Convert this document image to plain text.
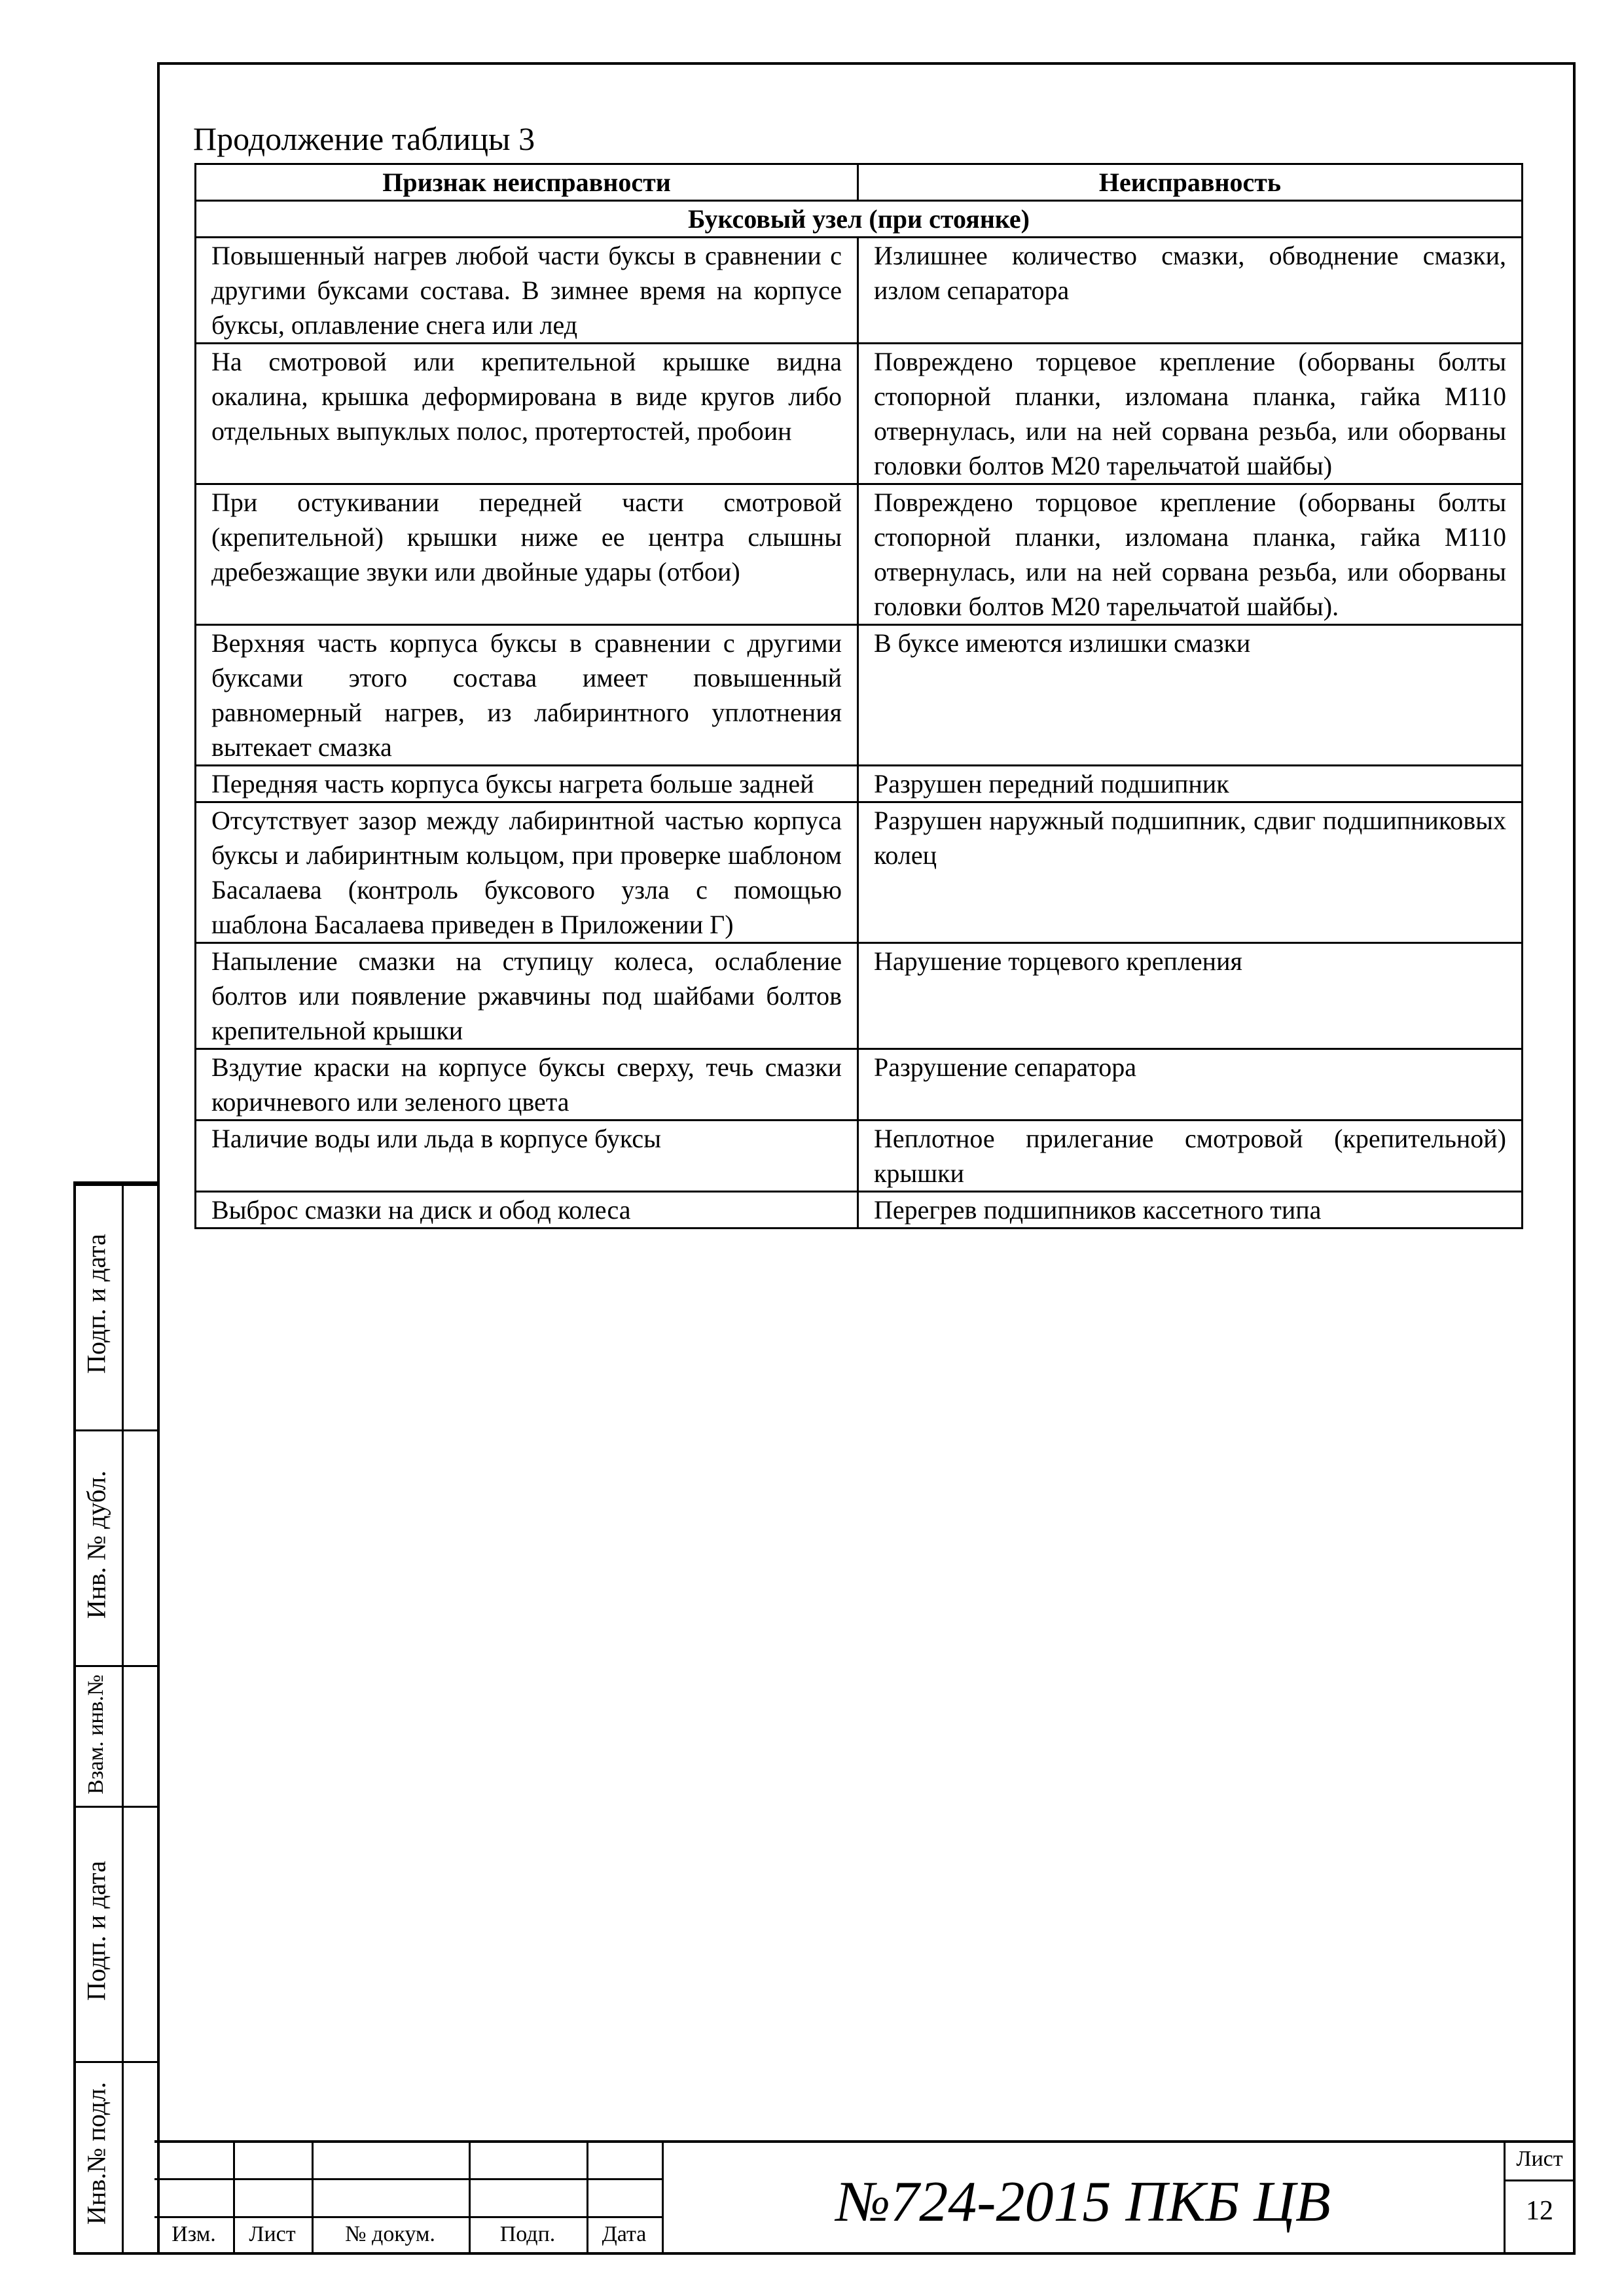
Продолжение таблицы 3
Признак неисправности	Неисправность
Буксовый узел (при стоянке)	
Повышенный нагрев любой части буксы в сравнении с другими буксами состава. В зимнее время на корпусе буксы, оплавление снега или лед	Излишнее количество смазки, обводнение смазки, излом сепаратора
На смотровой или крепительной крышке видна окалина, крышка деформирована в виде кругов либо отдельных выпуклых полос, протертостей, пробоин	Повреждено торцевое крепление (оборваны болты стопорной планки, изломана планка, гайка М110 отвернулась, или на ней сорвана резьба, или оборваны головки болтов М20 тарельчатой шайбы)
При остукивании передней части смотровой (крепительной) крышки ниже ее центра слышны дребезжащие звуки или двойные удары (отбои)	Повреждено торцовое крепление (оборваны болты стопорной планки, изломана планка, гайка М110 отвернулась, или на ней сорвана резьба, или оборваны головки болтов М20 тарельчатой шайбы).
Верхняя часть корпуса буксы в сравнении с другими буксами этого состава имеет повышенный равномерный нагрев, из лабиринтного уплотнения вытекает смазка	В буксе имеются излишки смазки
Передняя часть корпуса буксы нагрета больше задней	Разрушен передний подшипник
Отсутствует зазор между лабиринтной частью корпуса буксы и лабиринтным кольцом, при проверке шаблоном Басалаева (контроль буксового узла с помощью шаблона Басалаева приведен в Приложении Г)	Разрушен наружный подшипник, сдвиг подшипниковых колец
Напыление смазки на ступицу колеса, ослабление болтов или появление ржавчины под шайбами болтов крепительной крышки	Нарушение торцевого крепления
Вздутие краски на корпусе буксы сверху, течь смазки коричневого или зеленого цвета	Разрушение сепаратора
Наличие воды или льда в корпусе буксы	Неплотное прилегание смотровой (крепительной) крышки
Выброс смазки на диск и обод колеса	Перегрев подшипников кассетного типа
Подп. и дата
Инв. № дубл.
Взам. инв.№
Подп. и дата
Инв.№ подл.
Изм.	Лист	№ докум.	Подп.	Дата
№724-2015 ПКБ ЦВ
Лист
12
